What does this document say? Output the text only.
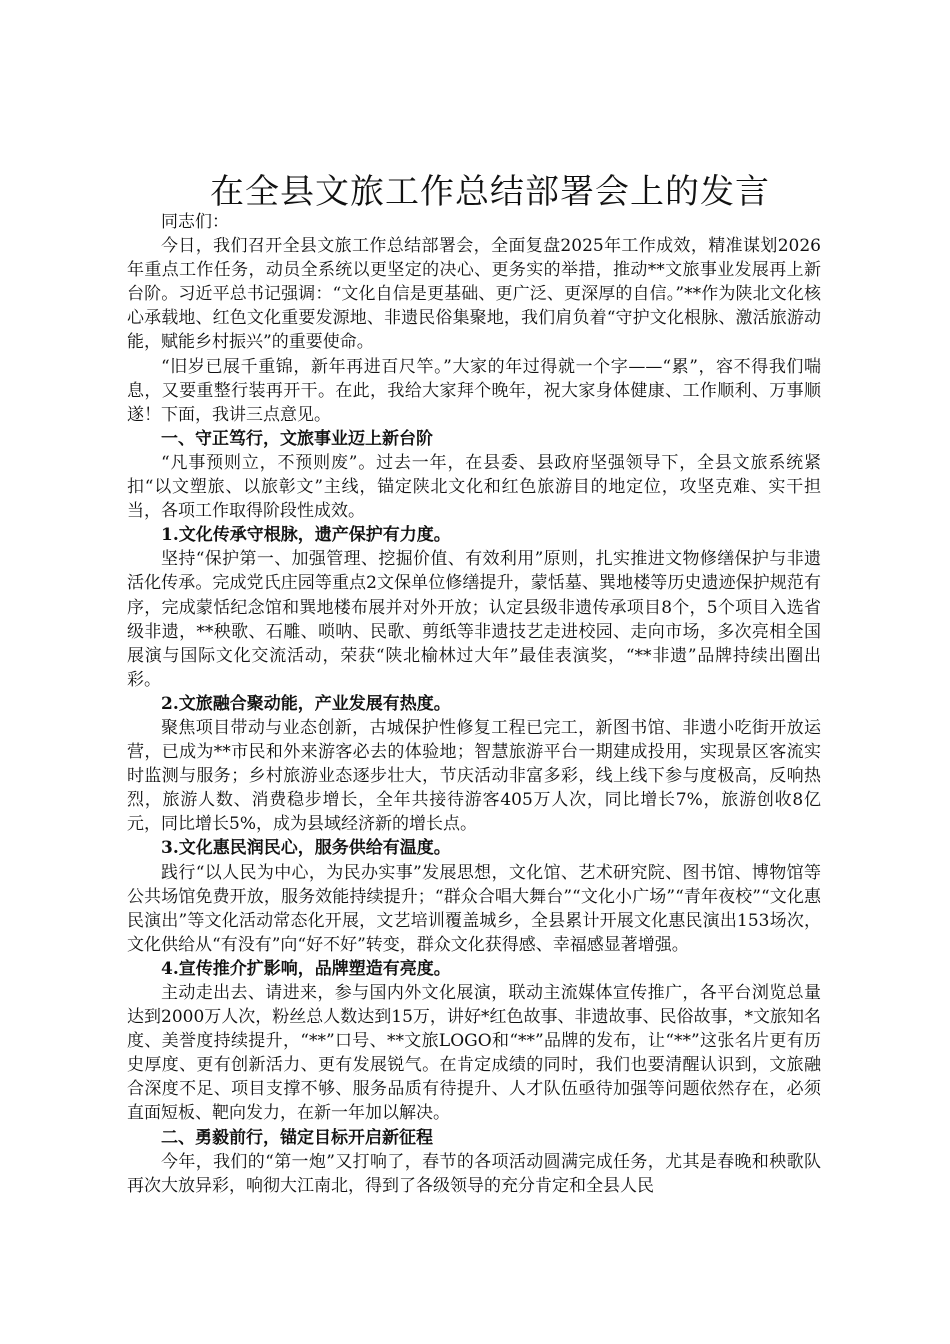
在全县文旅工作总结部署会上的发言

同志们：

今日，我们召开全县文旅工作总结部署会，全面复盘2025年工作成效，精准谋划2026年重点工作任务，动员全系统以更坚定的决心、更务实的举措，推动**文旅事业发展再上新台阶。习近平总书记强调：“文化自信是更基础、更广泛、更深厚的自信。”**作为陕北文化核心承载地、红色文化重要发源地、非遗民俗集聚地，我们肩负着“守护文化根脉、激活旅游动能，赋能乡村振兴”的重要使命。

“旧岁已展千重锦，新年再进百尺竿。”大家的年过得就一个字——“累”，容不得我们喘息，又要重整行装再开干。在此，我给大家拜个晚年，祝大家身体健康、工作顺利、万事顺遂！下面，我讲三点意见。

一、守正笃行，文旅事业迈上新台阶

“凡事预则立，不预则废”。过去一年，在县委、县政府坚强领导下，全县文旅系统紧扣“以文塑旅、以旅彰文”主线，锚定陕北文化和红色旅游目的地定位，攻坚克难、实干担当，各项工作取得阶段性成效。

1.文化传承守根脉，遗产保护有力度。

坚持“保护第一、加强管理、挖掘价值、有效利用”原则，扎实推进文物修缮保护与非遗活化传承。完成党氏庄园等重点2文保单位修缮提升，蒙恬墓、巽地楼等历史遗迹保护规范有序，完成蒙恬纪念馆和巽地楼布展并对外开放；认定县级非遗传承项目8个，5个项目入选省级非遗，**秧歌、石雕、唢呐、民歌、剪纸等非遗技艺走进校园、走向市场，多次亮相全国展演与国际文化交流活动，荣获“陕北榆林过大年”最佳表演奖，“**非遗”品牌持续出圈出彩。

2.文旅融合聚动能，产业发展有热度。

聚焦项目带动与业态创新，古城保护性修复工程已完工，新图书馆、非遗小吃街开放运营，已成为**市民和外来游客必去的体验地；智慧旅游平台一期建成投用，实现景区客流实时监测与服务；乡村旅游业态逐步壮大，节庆活动非富多彩，线上线下参与度极高，反响热烈，旅游人数、消费稳步增长，全年共接待游客405万人次，同比增长7%，旅游创收8亿元，同比增长5%，成为县域经济新的增长点。

3.文化惠民润民心，服务供给有温度。

践行“以人民为中心，为民办实事”发展思想，文化馆、艺术研究院、图书馆、博物馆等公共场馆免费开放，服务效能持续提升；“群众合唱大舞台”“文化小广场”“青年夜校”“文化惠民演出”等文化活动常态化开展，文艺培训覆盖城乡，全县累计开展文化惠民演出153场次，文化供给从“有没有”向“好不好”转变，群众文化获得感、幸福感显著增强。

4.宣传推介扩影响，品牌塑造有亮度。

主动走出去、请进来，参与国内外文化展演，联动主流媒体宣传推广，各平台浏览总量达到2000万人次，粉丝总人数达到15万，讲好*红色故事、非遗故事、民俗故事，*文旅知名度、美誉度持续提升，“**”口号、**文旅LOGO和“**”品牌的发布，让“**”这张名片更有历史厚度、更有创新活力、更有发展锐气。在肯定成绩的同时，我们也要清醒认识到，文旅融合深度不足、项目支撑不够、服务品质有待提升、人才队伍亟待加强等问题依然存在，必须直面短板、靶向发力，在新一年加以解决。

二、勇毅前行，锚定目标开启新征程

今年，我们的“第一炮”又打响了，春节的各项活动圆满完成任务，尤其是春晚和秧歌队再次大放异彩，响彻大江南北，得到了各级领导的充分肯定和全县人民
